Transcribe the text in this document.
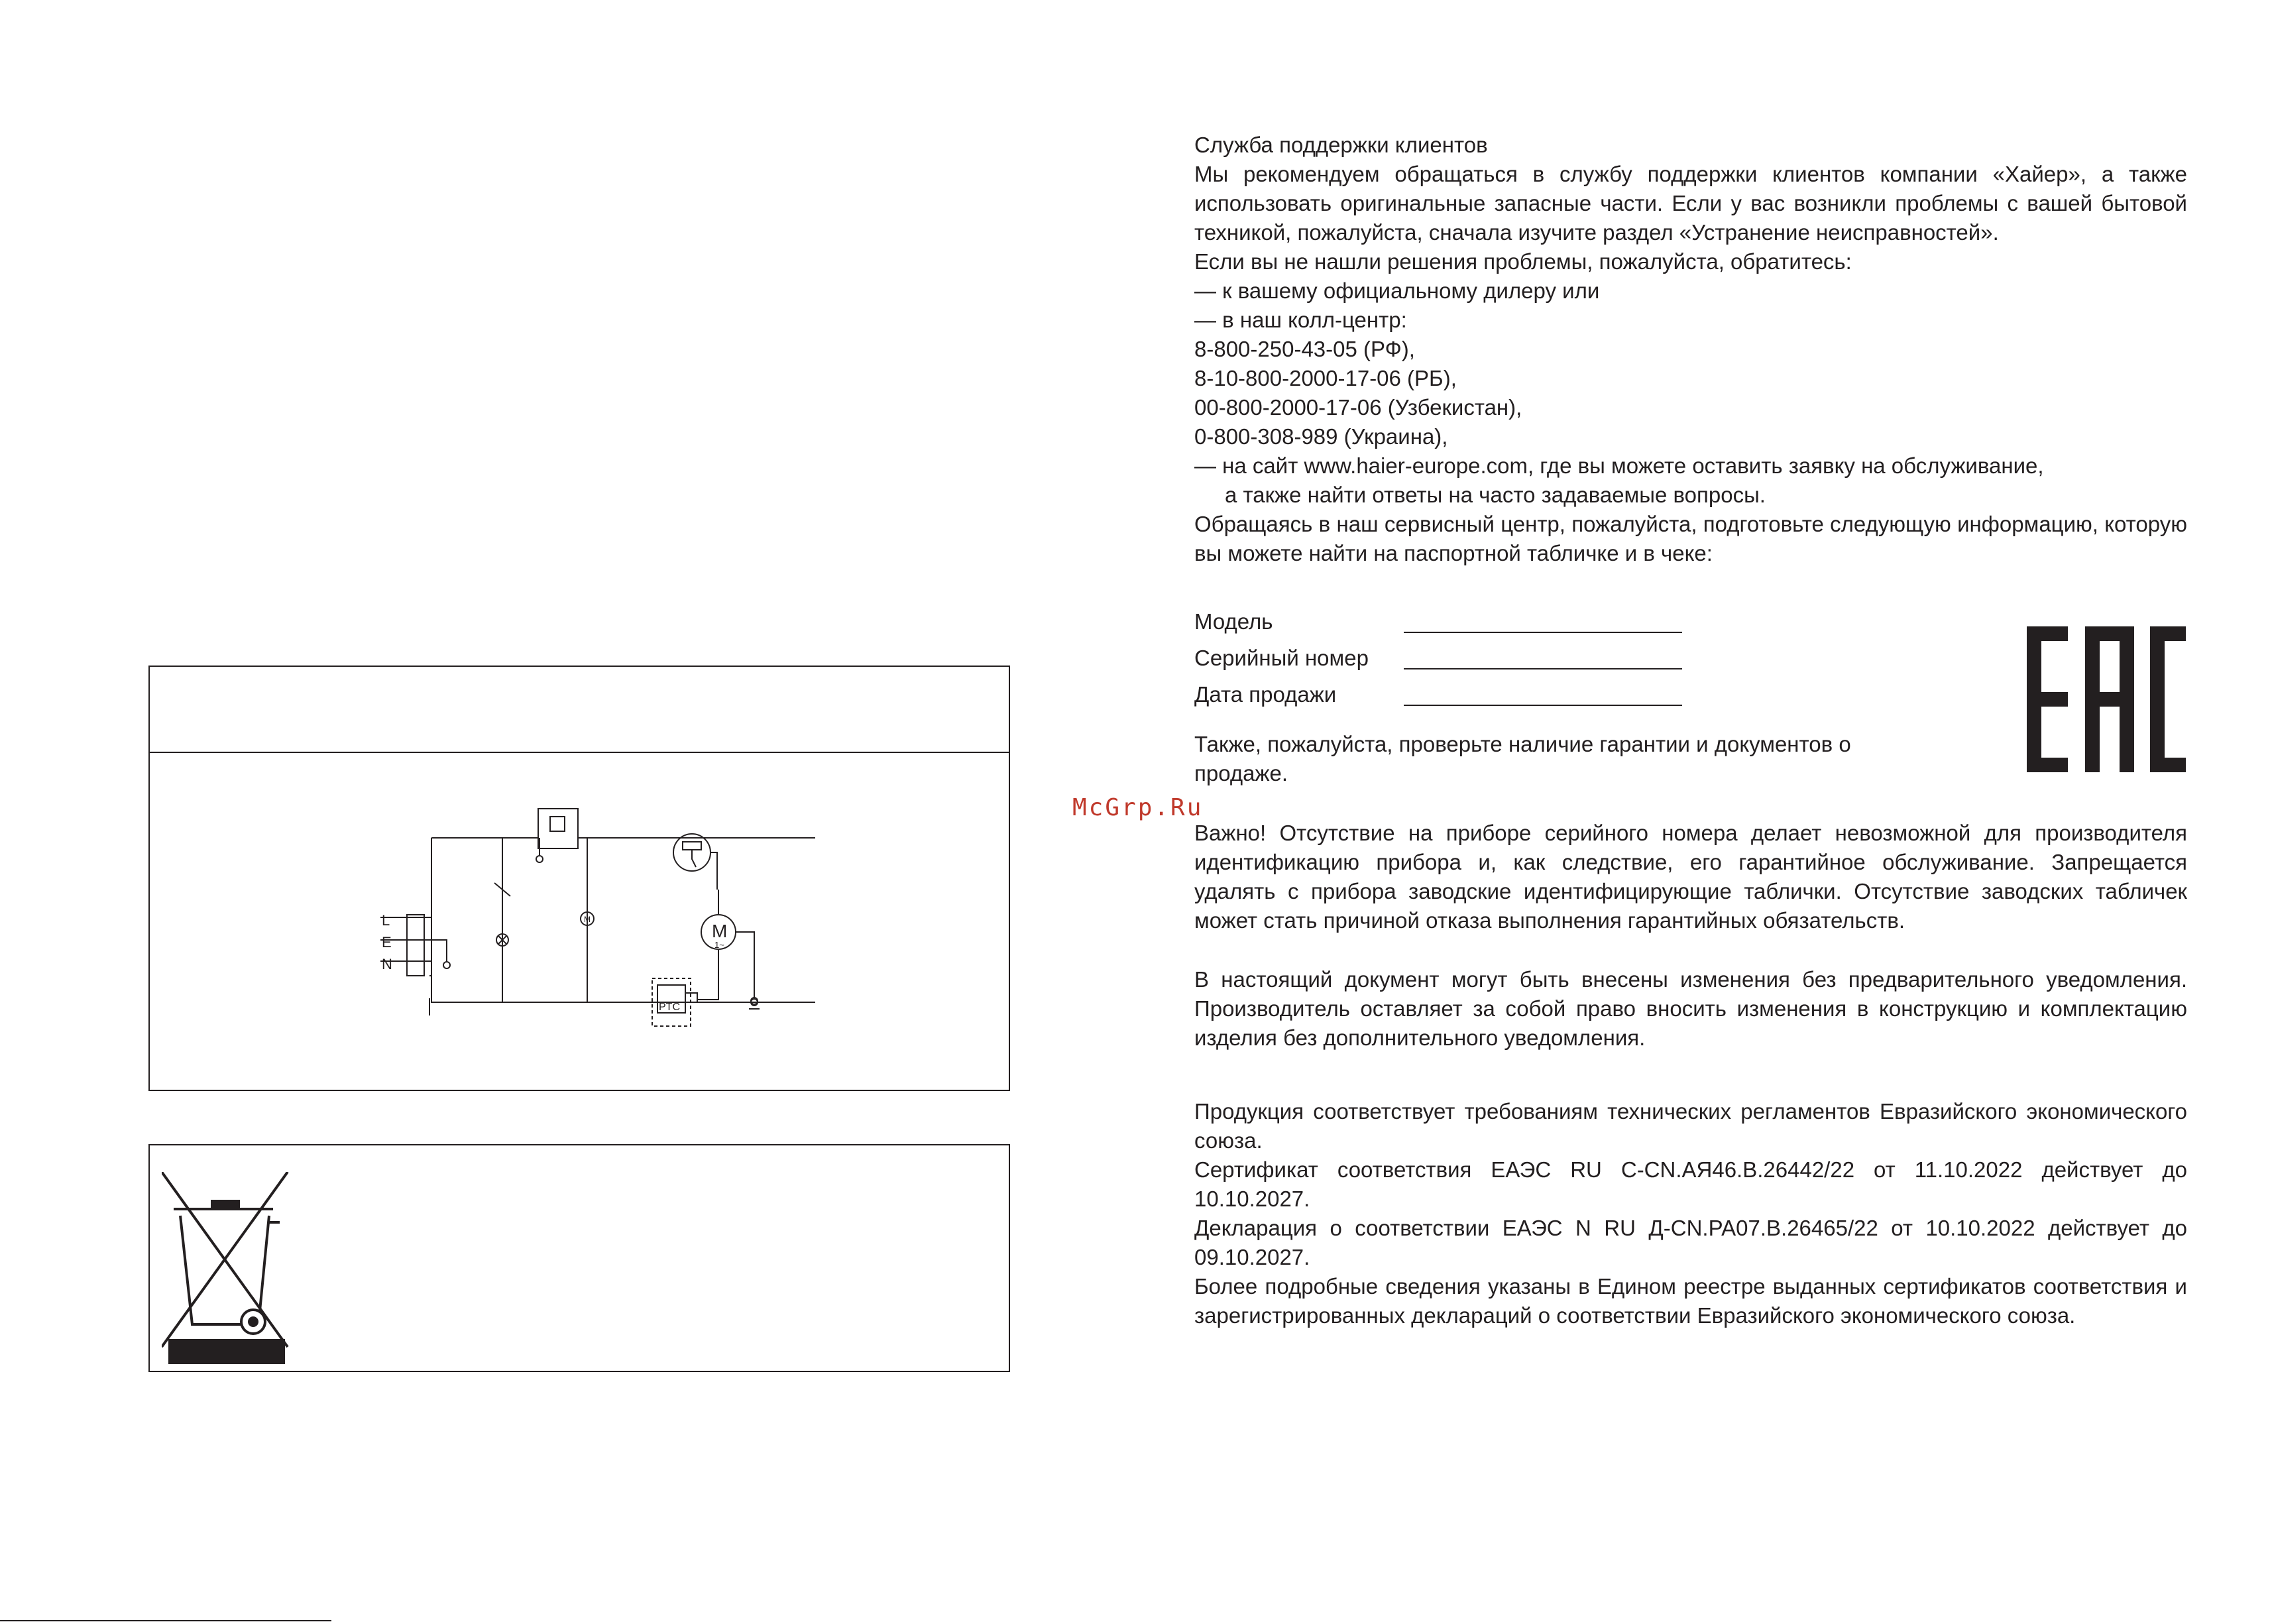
L
E
N
M
1~
M
PTC

Служба поддержки клиентов

Мы рекомендуем обращаться в службу поддержки клиентов компании «Хайер», а также использовать оригинальные запасные части. Если у вас возникли проблемы с вашей бытовой техникой, пожалуйста, сначала изучите раздел «Устранение неисправностей».

Если вы не нашли решения проблемы, пожалуйста, обратитесь:

— к вашему официальному дилеру или

— в наш колл-центр:

8-800-250-43-05 (РФ),

8-10-800-2000-17-06 (РБ),

00-800-2000-17-06 (Узбекистан),

0-800-308-989 (Украина),

— на сайт www.haier-europe.com, где вы можете оставить заявку на обслуживание,

а также найти ответы на часто задаваемые вопросы.

Обращаясь в наш сервисный центр, пожалуйста, подготовьте следующую информацию, которую вы можете найти на паспортной табличке и в чеке:

Модель
Серийный номер
Дата продажи

Также, пожалуйста, проверьте наличие гарантии и документов о продаже.

McGrp.Ru

Важно! Отсутствие на приборе серийного номера делает невозможной для производителя идентификацию прибора и, как следствие, его гарантийное обслуживание. Запрещается удалять с прибора заводские идентифицирующие таблички. Отсутствие заводских табличек может стать причиной отказа выполнения гарантийных обязательств.

В настоящий документ могут быть внесены изменения без предварительного уведомления. Производитель оставляет за собой право вносить изменения в конструкцию и комплектацию изделия без дополнительного уведомления.

Продукция соответствует требованиям технических регламентов Евразийского экономического союза.

Сертификат соответствия ЕАЭС RU С-CN.АЯ46.В.26442/22 от 11.10.2022 действует до 10.10.2027.

Декларация о соответствии ЕАЭС N RU Д-CN.PA07.В.26465/22 от 10.10.2022 действует до 09.10.2027.

Более подробные сведения указаны в Едином реестре выданных сертификатов соответствия и зарегистрированных деклараций о соответствии Евразийского экономического союза.
